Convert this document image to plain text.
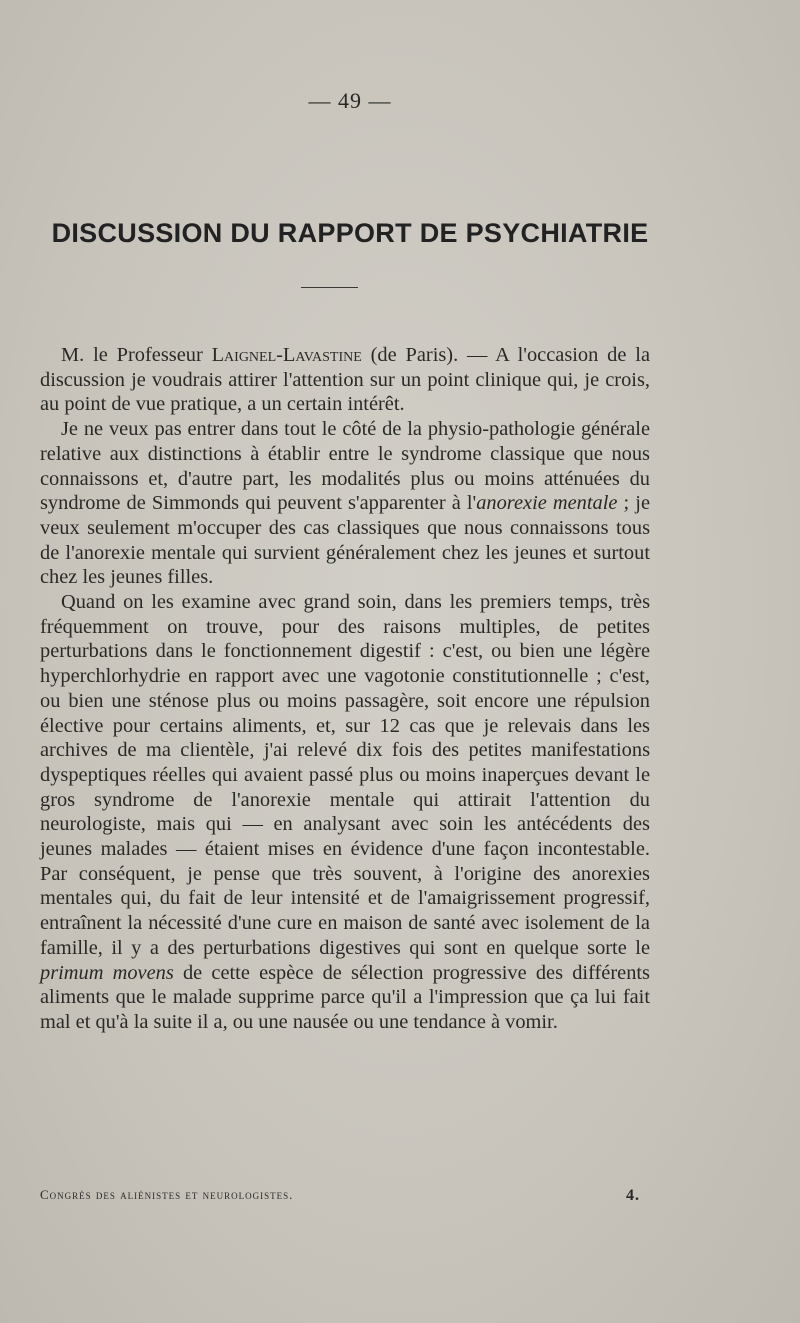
— 49 —
DISCUSSION DU RAPPORT DE PSYCHIATRIE

M. le Professeur Laignel-Lavastine (de Paris). — A l'occasion de la discussion je voudrais attirer l'attention sur un point clinique qui, je crois, au point de vue pratique, a un certain intérêt.

Je ne veux pas entrer dans tout le côté de la physio-pathologie générale relative aux distinctions à établir entre le syndrome classique que nous connaissons et, d'autre part, les modalités plus ou moins atténuées du syndrome de Simmonds qui peuvent s'apparenter à l'anorexie mentale ; je veux seulement m'occuper des cas classiques que nous connaissons tous de l'anorexie mentale qui survient généralement chez les jeunes et surtout chez les jeunes filles.

Quand on les examine avec grand soin, dans les premiers temps, très fréquemment on trouve, pour des raisons multiples, de petites perturbations dans le fonctionnement digestif : c'est, ou bien une légère hyperchlorhydrie en rapport avec une vagotonie constitutionnelle ; c'est, ou bien une sténose plus ou moins passagère, soit encore une répulsion élective pour certains aliments, et, sur 12 cas que je relevais dans les archives de ma clientèle, j'ai relevé dix fois des petites manifestations dyspeptiques réelles qui avaient passé plus ou moins inaperçues devant le gros syndrome de l'anorexie mentale qui attirait l'attention du neurologiste, mais qui — en analysant avec soin les antécédents des jeunes malades — étaient mises en évidence d'une façon incontestable. Par conséquent, je pense que très souvent, à l'origine des anorexies mentales qui, du fait de leur intensité et de l'amaigrissement progressif, entraînent la nécessité d'une cure en maison de santé avec isolement de la famille, il y a des perturbations digestives qui sont en quelque sorte le primum movens de cette espèce de sélection progressive des différents aliments que le malade supprime parce qu'il a l'impression que ça lui fait mal et qu'à la suite il a, ou une nausée ou une tendance à vomir.

Congrès des aliénistes et neurologistes.	4.
